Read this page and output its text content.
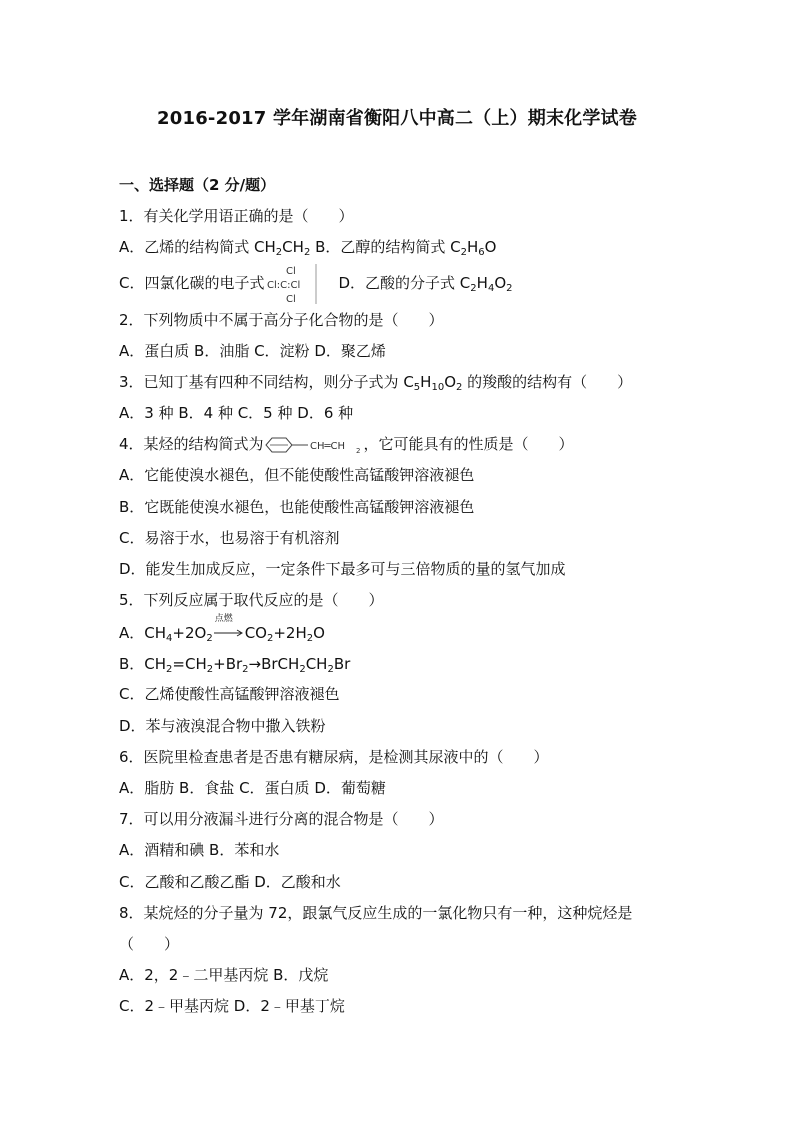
2016-2017 学年湖南省衡阳八中高二（上）期末化学试卷
一、选择题（2 分/题）
1．有关化学用语正确的是（　　）
A．乙烯的结构简式 $CH_2CH_2$ B．乙醇的结构简式 $C_2H_6O$
C．四氯化碳的电子式
Cl
Cl:C:Cl
Cl
D．乙酸的分子式 $C_2H_4O_2$
2．下列物质中不属于高分子化合物的是（　　）
A．蛋白质 B．油脂 C．淀粉 D．聚乙烯
3．已知丁基有四种不同结构，则分子式为 $C_5H_{10}O_2$ 的羧酸的结构有（　　）
A．3 种 B．4 种 C．5 种 D．6 种
4．某烃的结构简式为	CH═CH 2 ，它可能具有的性质是（　　）
A．它能使溴水褪色，但不能使酸性高锰酸钾溶液褪色
B．它既能使溴水褪色，也能使酸性高锰酸钾溶液褪色
C．易溶于水，也易溶于有机溶剂
D．能发生加成反应，一定条件下最多可与三倍物质的量的氢气加成
5．下列反应属于取代反应的是（　　）
A．$CH_4+2O_2$
点燃
$CO_2+2H_2O$
B．$CH_2=CH_2+Br_2\to BrCH_2CH_2Br$
C．乙烯使酸性高锰酸钾溶液褪色
D．苯与液溴混合物中撒入铁粉
6．医院里检查患者是否患有糖尿病，是检测其尿液中的（　　）
A．脂肪 B．食盐 C．蛋白质 D．葡萄糖
7．可以用分液漏斗进行分离的混合物是（　　）
A．酒精和碘 B．苯和水
C．乙酸和乙酸乙酯 D．乙酸和水
8．某烷烃的分子量为 72，跟氯气反应生成的一氯化物只有一种，这种烷烃是
（　　）
A．2，2﹣二甲基丙烷 B．戊烷
C．2﹣甲基丙烷 D．2﹣甲基丁烷
